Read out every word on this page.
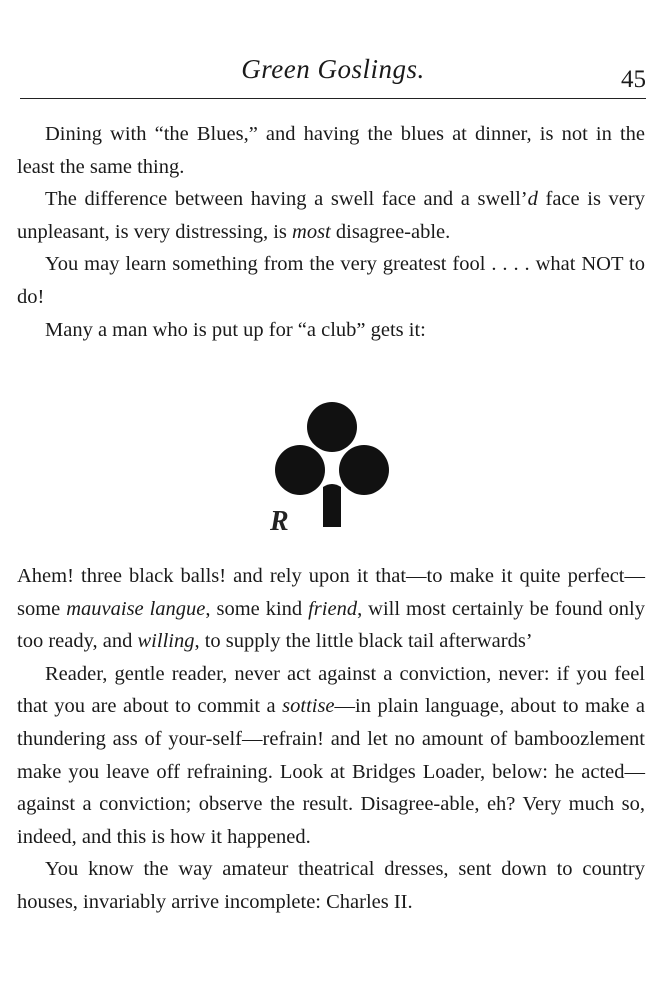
Green Goslings.	45

Dining with “the Blues,” and having the blues at dinner, is not in the least the same thing.

The difference between having a swell face and a swell’d face is very unpleasant, is very distressing, is most disagree-able.

You may learn something from the very greatest fool . . . . what NOT to do!

Many a man who is put up for “a club” gets it:

R

Ahem! three black balls! and rely upon it that—to make it quite perfect—some mauvaise langue, some kind friend, will most certainly be found only too ready, and willing, to supply the little black tail afterwards’

Reader, gentle reader, never act against a conviction, never: if you feel that you are about to commit a sottise—in plain language, about to make a thundering ass of your-self—refrain! and let no amount of bamboozlement make you leave off refraining. Look at Bridges Loader, below: he acted—against a conviction; observe the result. Disagree-able, eh? Very much so, indeed, and this is how it happened.

You know the way amateur theatrical dresses, sent down to country houses, invariably arrive incomplete: Charles II.
